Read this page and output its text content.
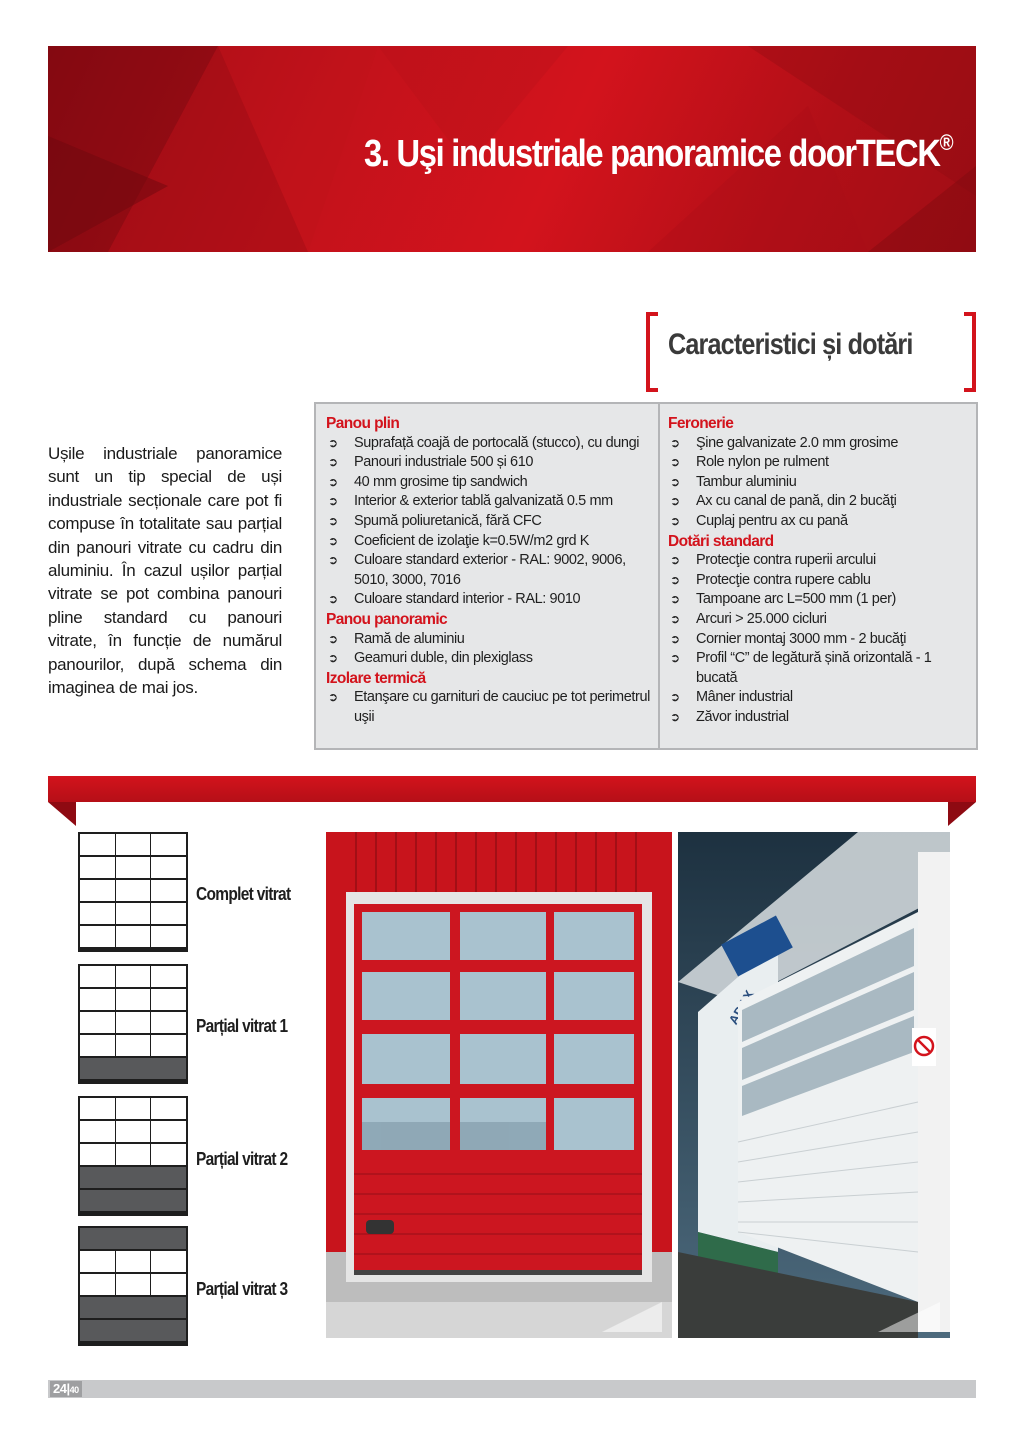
3. Uşi industriale panoramice doorTECK®
Caracteristici și dotări
Ușile industriale panoramice sunt un tip special de uși industriale secționale care pot fi compuse în totalitate sau parțial din panouri vitrate cu cadru din aluminiu. În cazul ușilor parțial vitrate se pot combina panouri pline standard cu panouri vitrate, în funcție de numărul panourilor, după schema din imaginea de mai jos.
Panou plin
➲ Suprafață coajă de portocală (stucco), cu dungi
➲ Panouri industriale 500 și 610
➲ 40 mm grosime tip sandwich
➲ Interior & exterior tablă galvanizată 0.5 mm
➲ Spumă poliuretanică, fără CFC
➲ Coeficient de izolaţie k=0.5W/m2 grd K
➲ Culoare standard exterior - RAL: 9002, 9006, 5010, 3000, 7016
➲ Culoare standard interior - RAL: 9010
Panou panoramic
➲ Ramă de aluminiu
➲ Geamuri duble, din plexiglass
Izolare termică
➲ Etanşare cu garnituri de cauciuc pe tot perimetrul uşii
Feronerie
➲ Şine galvanizate 2.0 mm grosime
➲ Role nylon pe rulment
➲ Tambur aluminiu
➲ Ax cu canal de pană, din 2 bucăţi
➲ Cuplaj pentru ax cu pană
Dotări standard
➲ Protecţie contra ruperii arcului
➲ Protecţie contra rupere cablu
➲ Tampoane arc L=500 mm (1 per)
➲ Arcuri > 25.000 cicluri
➲ Cornier montaj 3000 mm - 2 bucăţi
➲ Profil “C” de legătură șină orizontală - 1 bucată
➲ Mâner industrial
➲ Zăvor industrial
Complet vitrat
Parțial vitrat 1
Parțial vitrat 2
Parțial vitrat 3
24|40
